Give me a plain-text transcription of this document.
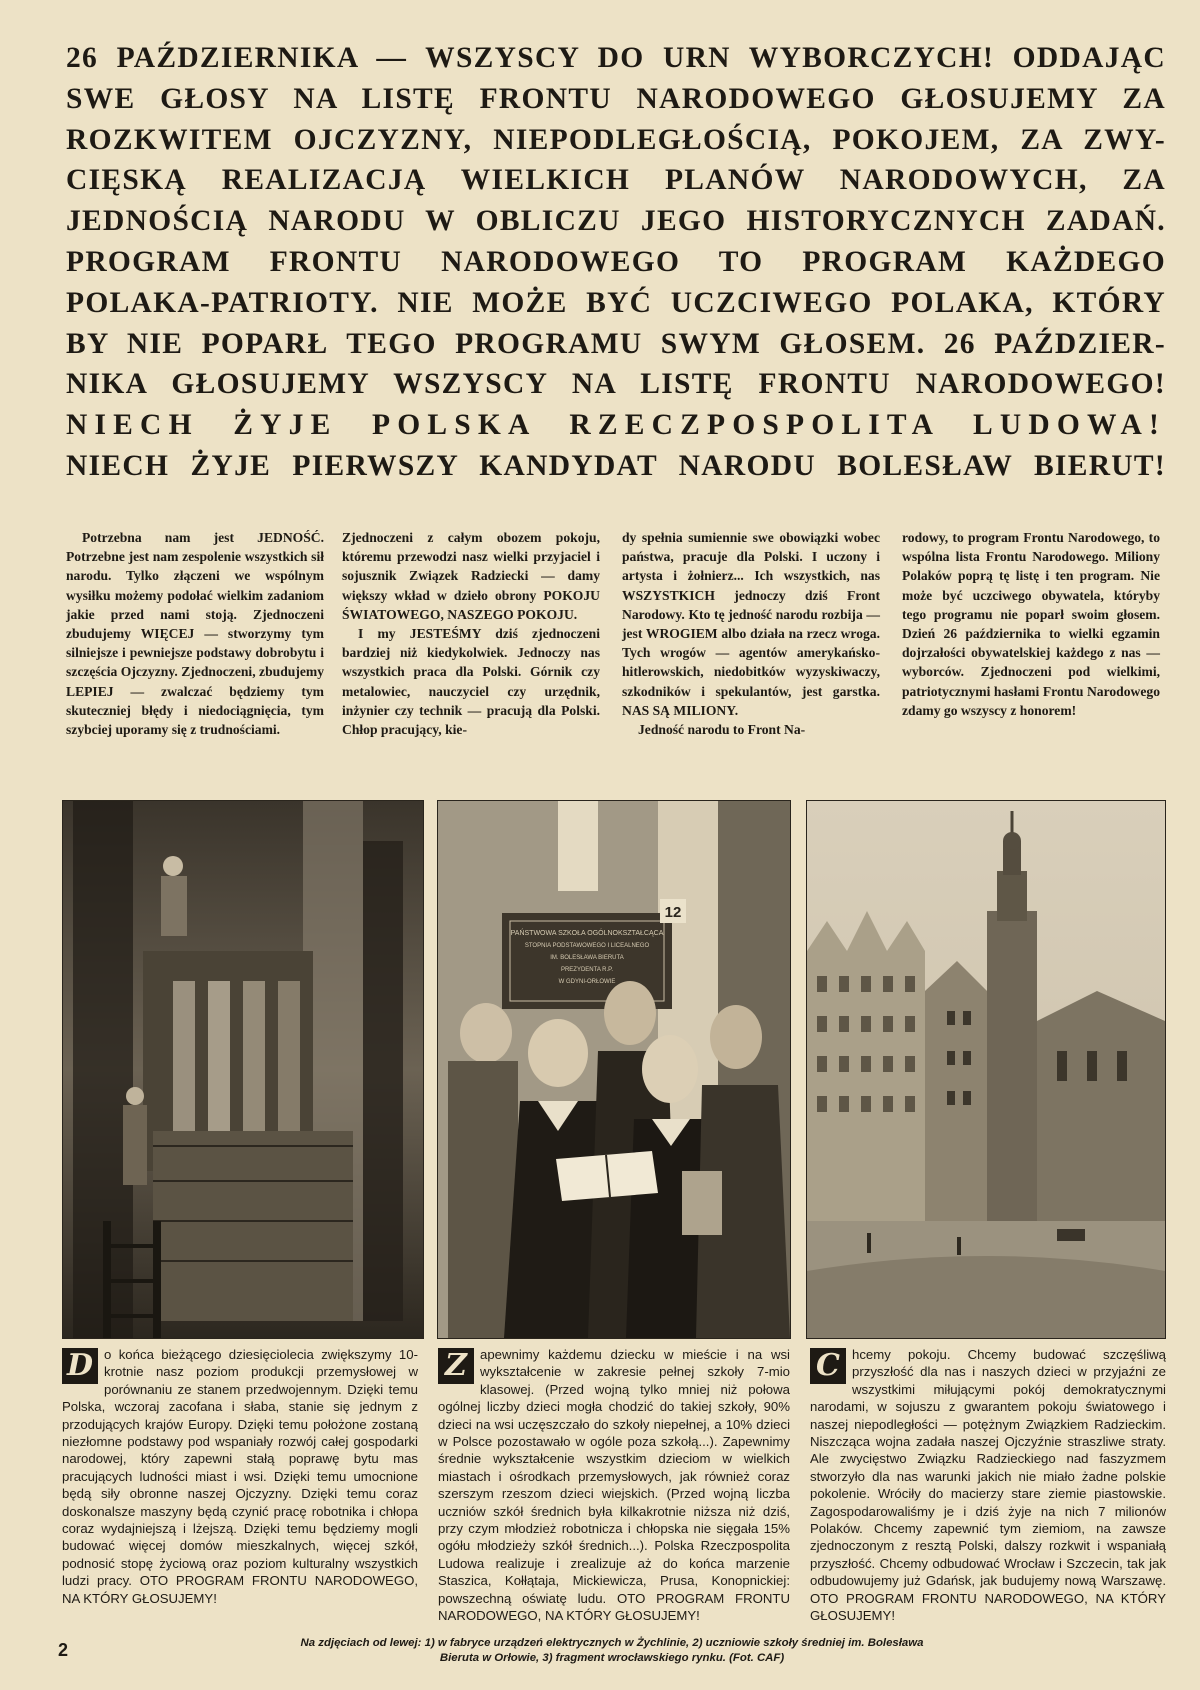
26 PAŹDZIERNIKA — WSZYSCY DO URN WYBORCZYCH! ODDAJĄC
SWE GŁOSY NA LISTĘ FRONTU NARODOWEGO GŁOSUJEMY ZA
ROZKWITEM OJCZYZNY, NIEPODLEGŁOŚCIĄ, POKOJEM, ZA ZWY-
CIĘSKĄ REALIZACJĄ WIELKICH PLANÓW NARODOWYCH, ZA
JEDNOŚCIĄ NARODU W OBLICZU JEGO HISTORYCZNYCH ZADAŃ.
PROGRAM FRONTU NARODOWEGO TO PROGRAM KAŻDEGO
POLAKA-PATRIOTY. NIE MOŻE BYĆ UCZCIWEGO POLAKA, KTÓRY
BY NIE POPARŁ TEGO PROGRAMU SWYM GŁOSEM. 26 PAŹDZIER-
NIKA GŁOSUJEMY WSZYSCY NA LISTĘ FRONTU NARODOWEGO!
NIECH ŻYJE POLSKA RZECZPOSPOLITA LUDOWA!
NIECH ŻYJE PIERWSZY KANDYDAT NARODU BOLESŁAW BIERUT!

Potrzebna nam jest JEDNOŚĆ. Potrzebne jest nam zespolenie wszystkich sił narodu. Tylko złączeni we wspólnym wysiłku możemy podołać wielkim zadaniom jakie przed nami stoją. Zjednoczeni zbudujemy WIĘCEJ — stworzymy tym silniejsze i pewniejsze podstawy dobrobytu i szczęścia Ojczyzny. Zjednoczeni, zbudujemy LEPIEJ — zwalczać będziemy tym skuteczniej błędy i niedociągnięcia, tym szybciej uporamy się z trudnościami.

Zjednoczeni z całym obozem pokoju, któremu przewodzi nasz wielki przyjaciel i sojusznik Związek Radziecki — damy większy wkład w dzieło obrony POKOJU ŚWIATOWEGO, NASZEGO POKOJU.

I my JESTEŚMY dziś zjednoczeni bardziej niż kiedykolwiek. Jednoczy nas wszystkich praca dla Polski. Górnik czy metalowiec, nauczyciel czy urzędnik, inżynier czy technik — pracują dla Polski. Chłop pracujący, kie-

dy spełnia sumiennie swe obowiązki wobec państwa, pracuje dla Polski. I uczony i artysta i żołnierz... Ich wszystkich, nas WSZYSTKICH jednoczy dziś Front Narodowy. Kto tę jedność narodu rozbija — jest WROGIEM albo działa na rzecz wroga. Tych wrogów — agentów amerykańsko-hitlerowskich, niedobitków wyzyskiwaczy, szkodników i spekulantów, jest garstka. NAS SĄ MILIONY.

Jedność narodu to Front Na-

rodowy, to program Frontu Narodowego, to wspólna lista Frontu Narodowego. Miliony Polaków poprą tę listę i ten program. Nie może być uczciwego obywatela, któryby tego programu nie poparł swoim głosem. Dzień 26 października to wielki egzamin dojrzałości obywatelskiej każdego z nas — wyborców. Zjednoczeni pod wielkimi, patriotycznymi hasłami Frontu Narodowego zdamy go wszyscy z honorem!

PAŃSTWOWA SZKOŁA OGÓLNOKSZTAŁCĄCA
STOPNIA PODSTAWOWEGO I LICEALNEGO
IM. BOLESŁAWA BIERUTA
PREZYDENTA R.P.
W GDYNI-ORŁOWIE
12
D o końca bieżącego dziesięciolecia zwiększymy 10-krotnie nasz poziom produkcji przemysłowej w porównaniu ze stanem przedwojennym. Dzięki temu Polska, wczoraj zacofana i słaba, stanie się jednym z przodujących krajów Europy. Dzięki temu położone zostaną niezłomne podstawy pod wspaniały rozwój całej gospodarki narodowej, który zapewni stałą poprawę bytu mas pracujących ludności miast i wsi. Dzięki temu umocnione będą siły obronne naszej Ojczyzny. Dzięki temu coraz doskonalsze maszyny będą czynić pracę robotnika i chłopa coraz wydajniejszą i lżejszą. Dzięki temu będziemy mogli budować więcej domów mieszkalnych, więcej szkół, podnosić stopę życiową oraz poziom kulturalny wszystkich ludzi pracy. OTO PROGRAM FRONTU NARODOWEGO, NA KTÓRY GŁOSUJEMY!

Z apewnimy każdemu dziecku w mieście i na wsi wykształcenie w zakresie pełnej szkoły 7-mio klasowej. (Przed wojną tylko mniej niż połowa ogólnej liczby dzieci mogła chodzić do takiej szkoły, 90% dzieci na wsi uczęszczało do szkoły niepełnej, a 10% dzieci w Polsce pozostawało w ogóle poza szkołą...). Zapewnimy średnie wykształcenie wszystkim dzieciom w wielkich miastach i ośrodkach przemysłowych, jak również coraz szerszym rzeszom dzieci wiejskich. (Przed wojną liczba uczniów szkół średnich była kilkakrotnie niższa niż dziś, przy czym młodzież robotnicza i chłopska nie sięgała 15% ogółu młodzieży szkół średnich...). Polska Rzeczpospolita Ludowa realizuje i zrealizuje aż do końca marzenie Staszica, Kołłątaja, Mickiewicza, Prusa, Konopnickiej: powszechną oświatę ludu. OTO PROGRAM FRONTU NARODOWEGO, NA KTÓRY GŁOSUJEMY!

C hcemy pokoju. Chcemy budować szczęśliwą przyszłość dla nas i naszych dzieci w przyjaźni ze wszystkimi miłującymi pokój demokratycznymi narodami, w sojuszu z gwarantem pokoju światowego i naszej niepodległości — potężnym Związkiem Radzieckim. Niszcząca wojna zadała naszej Ojczyźnie straszliwe straty. Ale zwycięstwo Związku Radzieckiego nad faszyzmem stworzyło dla nas warunki jakich nie miało żadne polskie pokolenie. Wróciły do macierzy stare ziemie piastowskie. Zagospodarowaliśmy je i dziś żyje na nich 7 milionów Polaków. Chcemy zapewnić tym ziemiom, na zawsze zjednoczonym z resztą Polski, dalszy rozkwit i wspaniałą przyszłość. Chcemy odbudować Wrocław i Szczecin, tak jak odbudowujemy już Gdańsk, jak budujemy nową Warszawę. OTO PROGRAM FRONTU NARODOWEGO, NA KTÓRY GŁOSUJEMY!

2	Na zdjęciach od lewej: 1) w fabryce urządzeń elektrycznych w Żychlinie, 2) uczniowie szkoły średniej im. Bolesława Bieruta w Orłowie, 3) fragment wrocławskiego rynku. (Fot. CAF)
